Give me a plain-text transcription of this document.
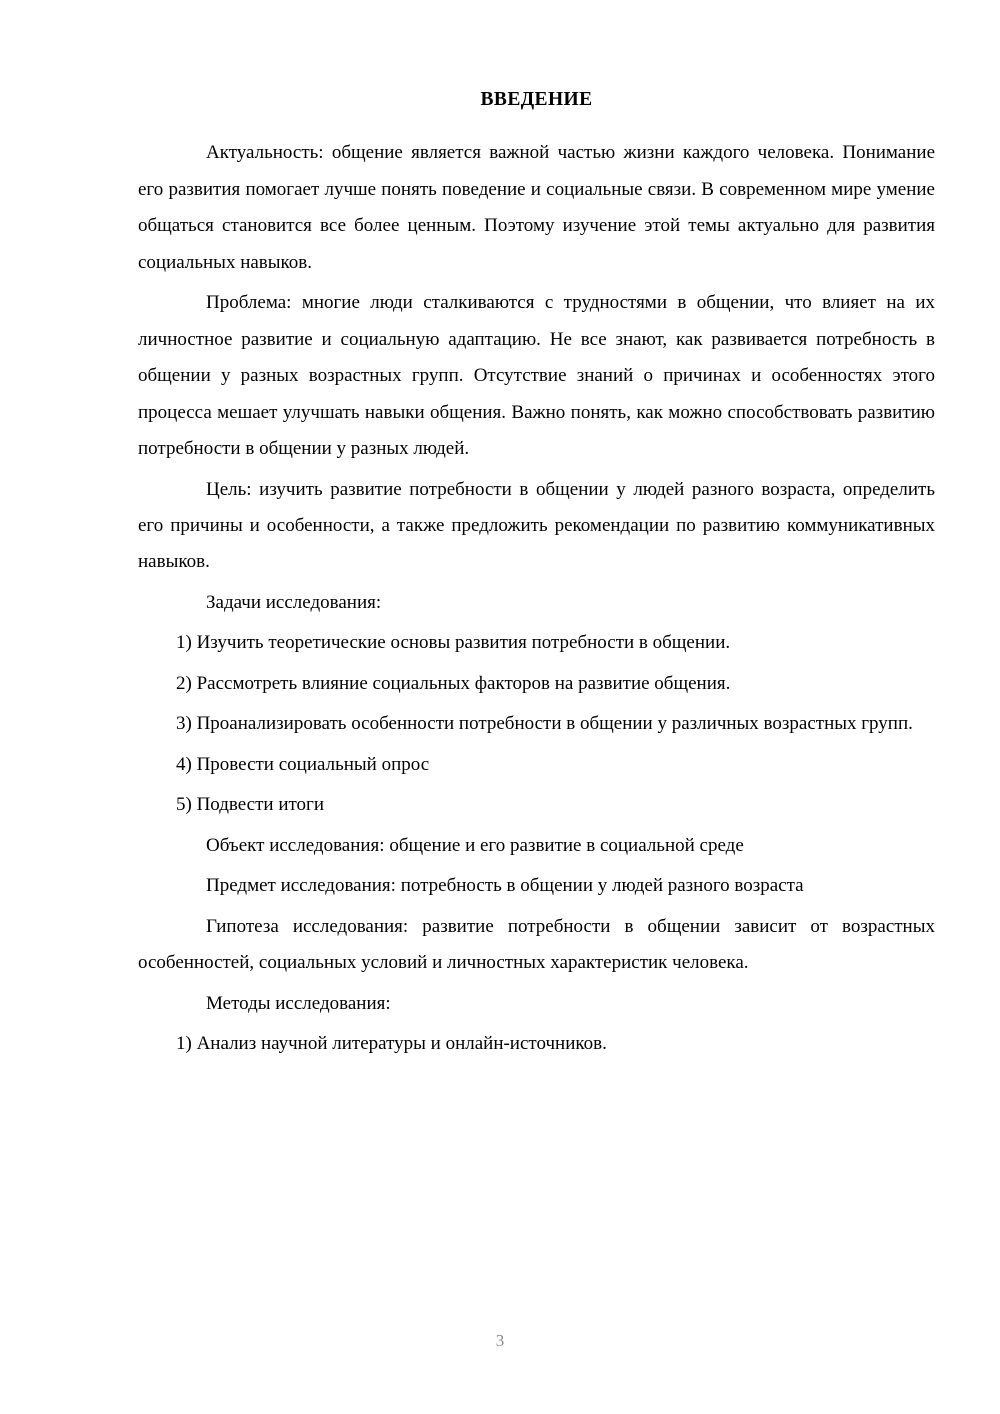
ВВЕДЕНИЕ

Актуальность: общение является важной частью жизни каждого человека. Понимание его развития помогает лучше понять поведение и социальные связи. В современном мире умение общаться становится все более ценным. Поэтому изучение этой темы актуально для развития социальных навыков.

Проблема: многие люди сталкиваются с трудностями в общении, что влияет на их личностное развитие и социальную адаптацию. Не все знают, как развивается потребность в общении у разных возрастных групп. Отсутствие знаний о причинах и особенностях этого процесса мешает улучшать навыки общения. Важно понять, как можно способствовать развитию потребности в общении у разных людей.

Цель: изучить развитие потребности в общении у людей разного возраста, определить его причины и особенности, а также предложить рекомендации по развитию коммуникативных навыков.

Задачи исследования:

1) Изучить теоретические основы развития потребности в общении.

2) Рассмотреть влияние социальных факторов на развитие общения.

3) Проанализировать особенности потребности в общении у различных возрастных групп.

4) Провести социальный опрос

5) Подвести итоги

Объект исследования: общение и его развитие в социальной среде

Предмет исследования: потребность в общении у людей разного возраста

Гипотеза исследования: развитие потребности в общении зависит от возрастных особенностей, социальных условий и личностных характеристик человека.

Методы исследования:

1) Анализ научной литературы и онлайн-источников.

3
